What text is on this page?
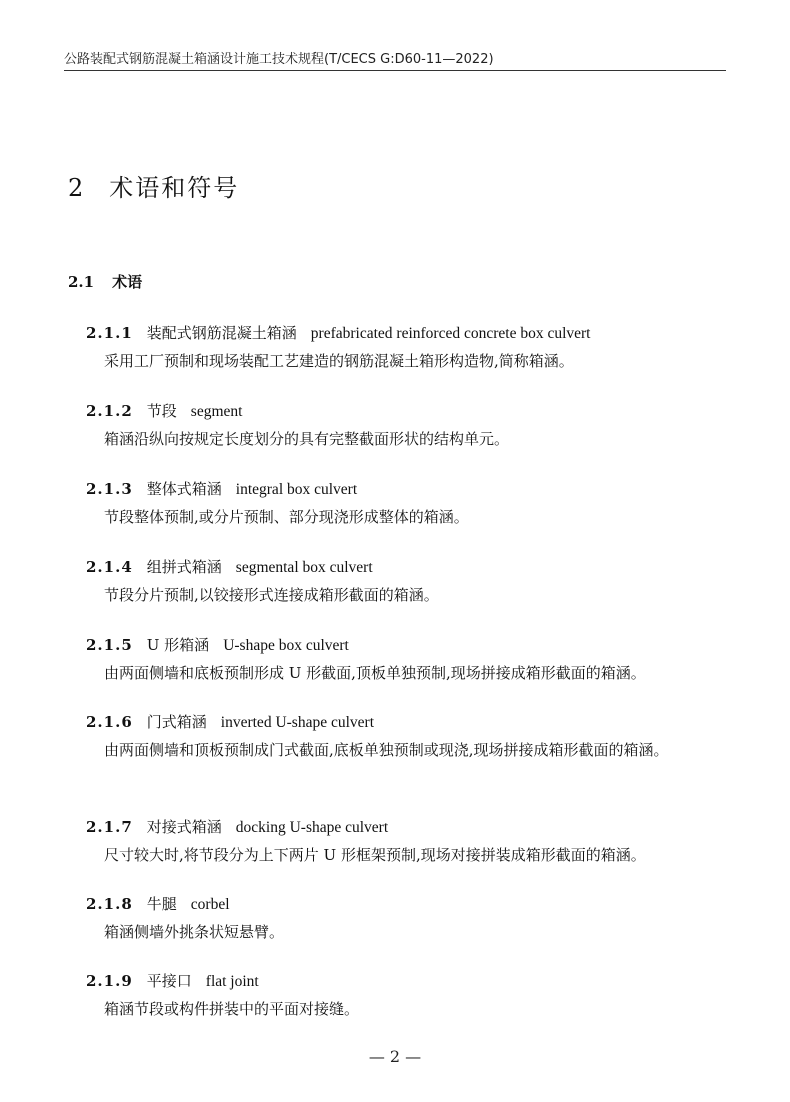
公路装配式钢筋混凝土箱涵设计施工技术规程(T/CECS G:D60-11—2022)
2 术语和符号
2.1 术语
2.1.1 装配式钢筋混凝土箱涵 prefabricated reinforced concrete box culvert
采用工厂预制和现场装配工艺建造的钢筋混凝土箱形构造物,简称箱涵。
2.1.2 节段 segment
箱涵沿纵向按规定长度划分的具有完整截面形状的结构单元。
2.1.3 整体式箱涵 integral box culvert
节段整体预制,或分片预制、部分现浇形成整体的箱涵。
2.1.4 组拼式箱涵 segmental box culvert
节段分片预制,以铰接形式连接成箱形截面的箱涵。
2.1.5 U 形箱涵 U-shape box culvert
由两面侧墙和底板预制形成 U 形截面,顶板单独预制,现场拼接成箱形截面的箱涵。
2.1.6 门式箱涵 inverted U-shape culvert
由两面侧墙和顶板预制成门式截面,底板单独预制或现浇,现场拼接成箱形截面的箱涵。
2.1.7 对接式箱涵 docking U-shape culvert
尺寸较大时,将节段分为上下两片 U 形框架预制,现场对接拼装成箱形截面的箱涵。
2.1.8 牛腿 corbel
箱涵侧墙外挑条状短悬臂。
2.1.9 平接口 flat joint
箱涵节段或构件拼装中的平面对接缝。
— 2 —
